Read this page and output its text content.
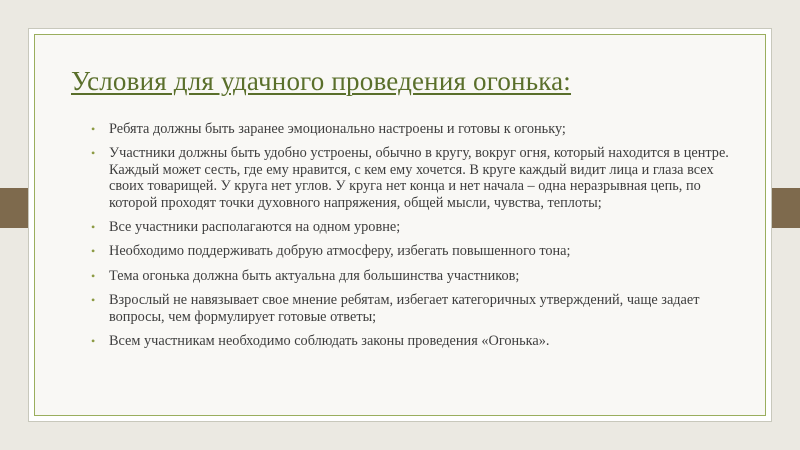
Условия для удачного проведения огонька:
• Ребята должны быть заранее эмоционально настроены и готовы к огоньку;
• Участники должны быть удобно устроены, обычно в кругу, вокруг огня, который находится в центре. Каждый может сесть, где ему нравится, с кем ему хочется. В круге каждый видит лица и глаза всех своих товарищей. У круга нет углов. У круга нет конца и нет начала – одна неразрывная цепь, по которой проходят точки духовного напряжения, общей мысли, чувства, теплоты;
• Все участники располагаются на одном уровне;
• Необходимо поддерживать добрую атмосферу, избегать повышенного тона;
• Тема огонька должна быть актуальна для большинства участников;
• Взрослый не навязывает свое мнение ребятам, избегает категоричных утверждений, чаще задает вопросы, чем формулирует готовые ответы;
• Всем участникам необходимо соблюдать законы проведения «Огонька».
